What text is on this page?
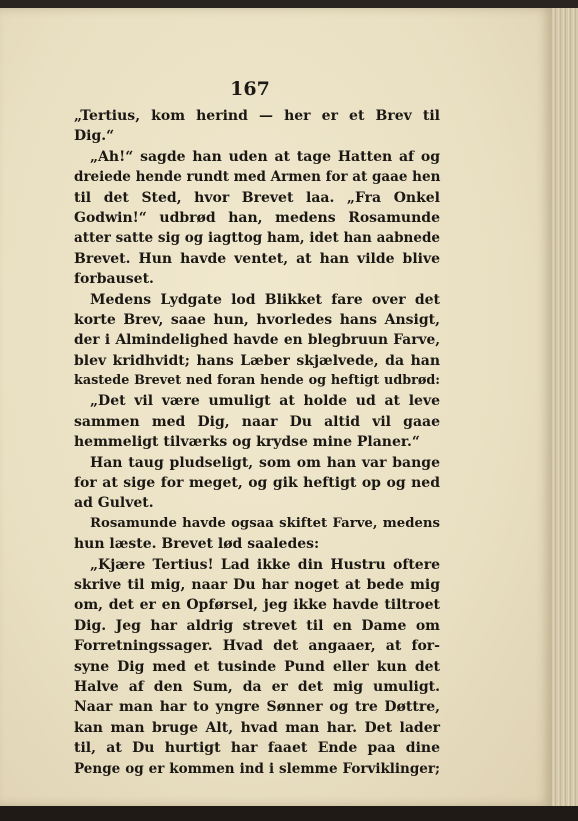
167
„Tertius, kom herind — her er et Brev til
Dig.“
„Ah!“ sagde han uden at tage Hatten af og
dreiede hende rundt med Armen for at gaae hen
til det Sted, hvor Brevet laa. „Fra Onkel
Godwin!“ udbrød han, medens Rosamunde
atter satte sig og iagttog ham, idet han aabnede
Brevet. Hun havde ventet, at han vilde blive
forbauset.
Medens Lydgate lod Blikket fare over det
korte Brev, saae hun, hvorledes hans Ansigt,
der i Almindelighed havde en blegbruun Farve,
blev kridhvidt; hans Læber skjælvede, da han
kastede Brevet ned foran hende og heftigt udbrød:
„Det vil være umuligt at holde ud at leve
sammen med Dig, naar Du altid vil gaae
hemmeligt tilværks og krydse mine Planer.“
Han taug pludseligt, som om han var bange
for at sige for meget, og gik heftigt op og ned
ad Gulvet.
Rosamunde havde ogsaa skiftet Farve, medens
hun læste. Brevet lød saaledes:
„Kjære Tertius! Lad ikke din Hustru oftere
skrive til mig, naar Du har noget at bede mig
om, det er en Opførsel, jeg ikke havde tiltroet
Dig. Jeg har aldrig strevet til en Dame om
Forretningssager. Hvad det angaaer, at for-
syne Dig med et tusinde Pund eller kun det
Halve af den Sum, da er det mig umuligt.
Naar man har to yngre Sønner og tre Døttre,
kan man bruge Alt, hvad man har. Det lader
til, at Du hurtigt har faaet Ende paa dine
Penge og er kommen ind i slemme Forviklinger;
